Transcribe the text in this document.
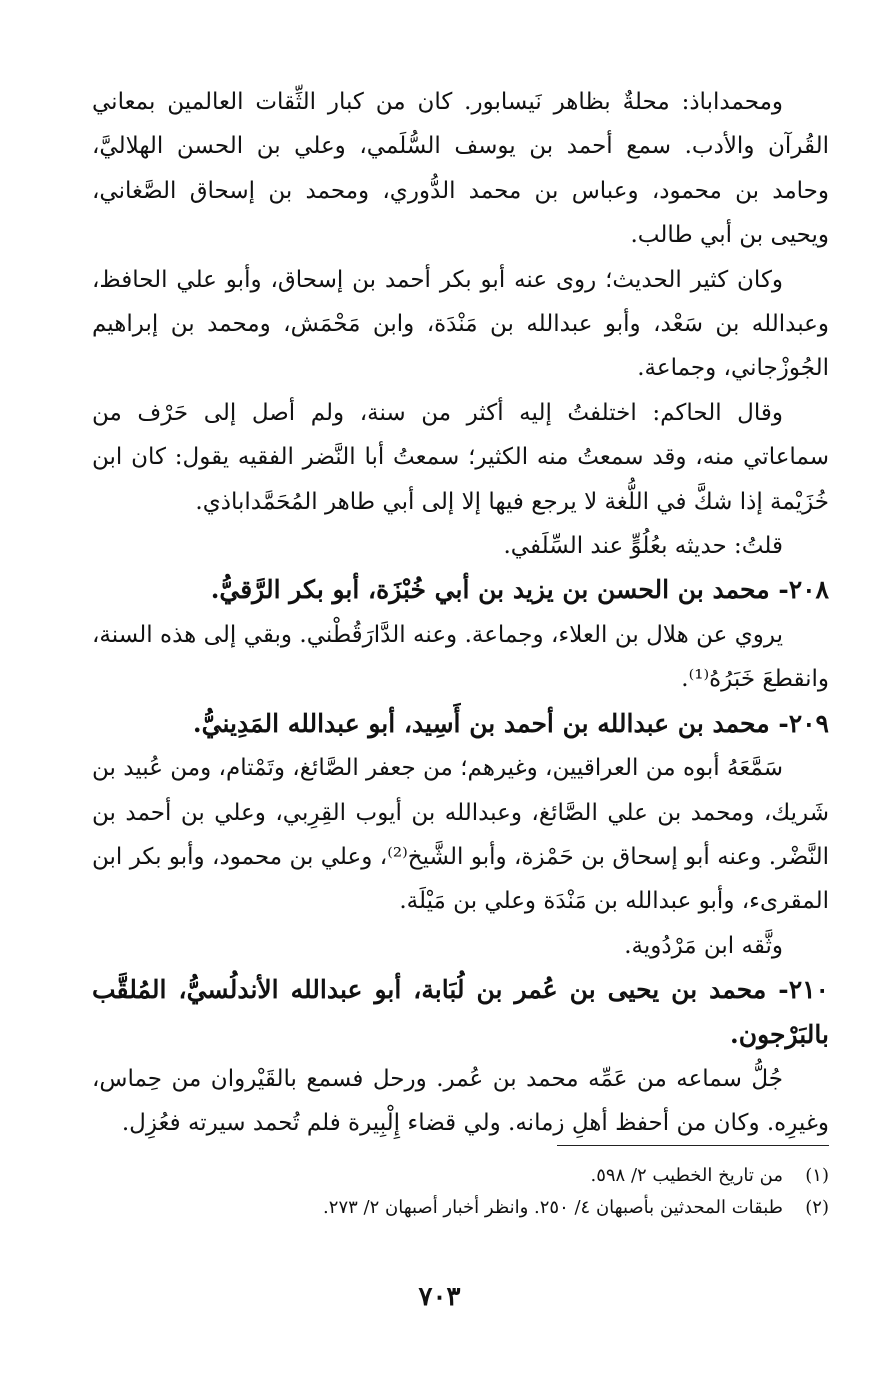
ومحمداباذ: محلةٌ بظاهر نَيسابور. كان من كبار الثِّقات العالمين بمعاني القُرآن والأدب. سمع أحمد بن يوسف السُّلَمي، وعلي بن الحسن الهلاليَّ، وحامد بن محمود، وعباس بن محمد الدُّوري، ومحمد بن إسحاق الصَّغاني، ويحيى بن أبي طالب.

وكان كثير الحديث؛ روى عنه أبو بكر أحمد بن إسحاق، وأبو علي الحافظ، وعبدالله بن سَعْد، وأبو عبدالله بن مَنْدَة، وابن مَحْمَش، ومحمد بن إبراهيم الجُوزْجاني، وجماعة.

وقال الحاكم: اختلفتُ إليه أكثر من سنة، ولم أصل إلى حَرْف من سماعاتي منه، وقد سمعتُ منه الكثير؛ سمعتُ أبا النَّضر الفقيه يقول: كان ابن خُزَيْمة إذا شكَّ في اللُّغة لا يرجع فيها إلا إلى أبي طاهر المُحَمَّداباذي.

قلتُ: حديثه بعُلُوٍّ عند السِّلَفي.

٢٠٨- محمد بن الحسن بن يزيد بن أبي خُبْزَة، أبو بكر الرَّقيُّ.

يروي عن هلال بن العلاء، وجماعة. وعنه الدَّارَقُطْني. وبقي إلى هذه السنة، وانقطعَ خَبَرُهُ⁽¹⁾.

٢٠٩- محمد بن عبدالله بن أحمد بن أَسِيد، أبو عبدالله المَدِينيُّ.

سَمَّعَهُ أبوه من العراقيين، وغيرهم؛ من جعفر الصَّائغ، وتَمْتام، ومن عُبيد بن شَريك، ومحمد بن علي الصَّائغ، وعبدالله بن أيوب القِرِبي، وعلي بن أحمد بن النَّضْر. وعنه أبو إسحاق بن حَمْزة، وأبو الشَّيخ⁽²⁾، وعلي بن محمود، وأبو بكر ابن المقرىء، وأبو عبدالله بن مَنْدَة وعلي بن مَيْلَة.

وثَّقه ابن مَرْدُوية.

٢١٠- محمد بن يحيى بن عُمر بن لُبَابة، أبو عبدالله الأندلُسيُّ، المُلقَّب بالبَرْجون.

جُلُّ سماعه من عَمِّه محمد بن عُمر. ورحل فسمع بالقَيْروان من حِماس، وغيرِه. وكان من أحفظ أهلِ زمانه. ولي قضاء إِلْبِيرة فلم تُحمد سيرته فعُزِل.

(١)
من تاريخ الخطيب ٢/ ٥٩٨.
(٢)
طبقات المحدثين بأصبهان ٤/ ٢٥٠. وانظر أخبار أصبهان ٢/ ٢٧٣.
٧٠٣
